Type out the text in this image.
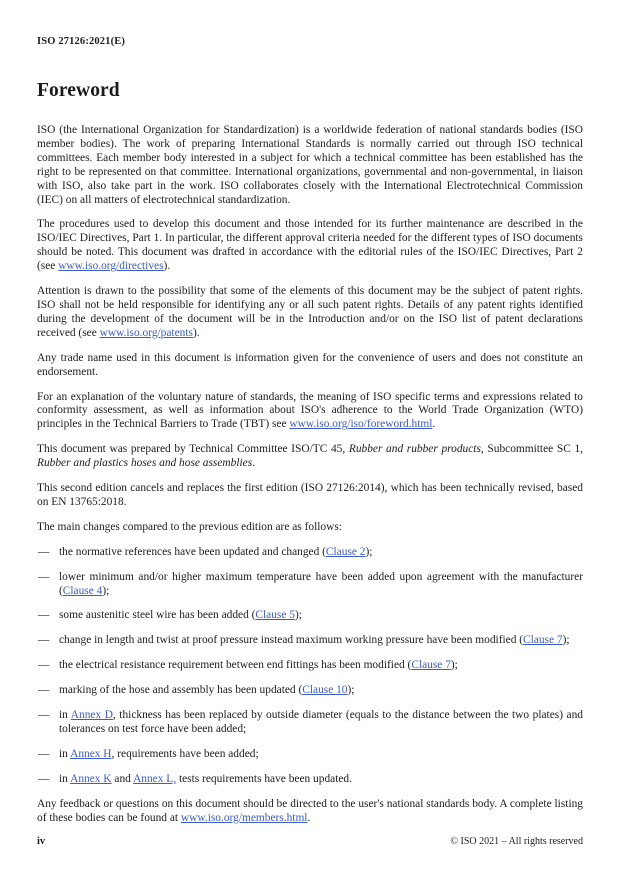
ISO 27126:2021(E)
Foreword

ISO (the International Organization for Standardization) is a worldwide federation of national standards bodies (ISO member bodies). The work of preparing International Standards is normally carried out through ISO technical committees. Each member body interested in a subject for which a technical committee has been established has the right to be represented on that committee. International organizations, governmental and non-governmental, in liaison with ISO, also take part in the work. ISO collaborates closely with the International Electrotechnical Commission (IEC) on all matters of electrotechnical standardization.

The procedures used to develop this document and those intended for its further maintenance are described in the ISO/IEC Directives, Part 1. In particular, the different approval criteria needed for the different types of ISO documents should be noted. This document was drafted in accordance with the editorial rules of the ISO/IEC Directives, Part 2 (see www.iso.org/directives).

Attention is drawn to the possibility that some of the elements of this document may be the subject of patent rights. ISO shall not be held responsible for identifying any or all such patent rights. Details of any patent rights identified during the development of the document will be in the Introduction and/or on the ISO list of patent declarations received (see www.iso.org/patents).

Any trade name used in this document is information given for the convenience of users and does not constitute an endorsement.

For an explanation of the voluntary nature of standards, the meaning of ISO specific terms and expressions related to conformity assessment, as well as information about ISO's adherence to the World Trade Organization (WTO) principles in the Technical Barriers to Trade (TBT) see www.iso.org/iso/foreword.html.

This document was prepared by Technical Committee ISO/TC 45, Rubber and rubber products, Subcommittee SC 1, Rubber and plastics hoses and hose assemblies.

This second edition cancels and replaces the first edition (ISO 27126:2014), which has been technically revised, based on EN 13765:2018.

The main changes compared to the previous edition are as follows:

— the normative references have been updated and changed (Clause 2);
— lower minimum and/or higher maximum temperature have been added upon agreement with the manufacturer (Clause 4);
— some austenitic steel wire has been added (Clause 5);
— change in length and twist at proof pressure instead maximum working pressure have been modified (Clause 7);
— the electrical resistance requirement between end fittings has been modified (Clause 7);
— marking of the hose and assembly has been updated (Clause 10);
— in Annex D, thickness has been replaced by outside diameter (equals to the distance between the two plates) and tolerances on test force have been added;
— in Annex H, requirements have been added;
— in Annex K and Annex L, tests requirements have been updated.

Any feedback or questions on this document should be directed to the user's national standards body. A complete listing of these bodies can be found at www.iso.org/members.html.

iv	© ISO 2021 – All rights reserved
